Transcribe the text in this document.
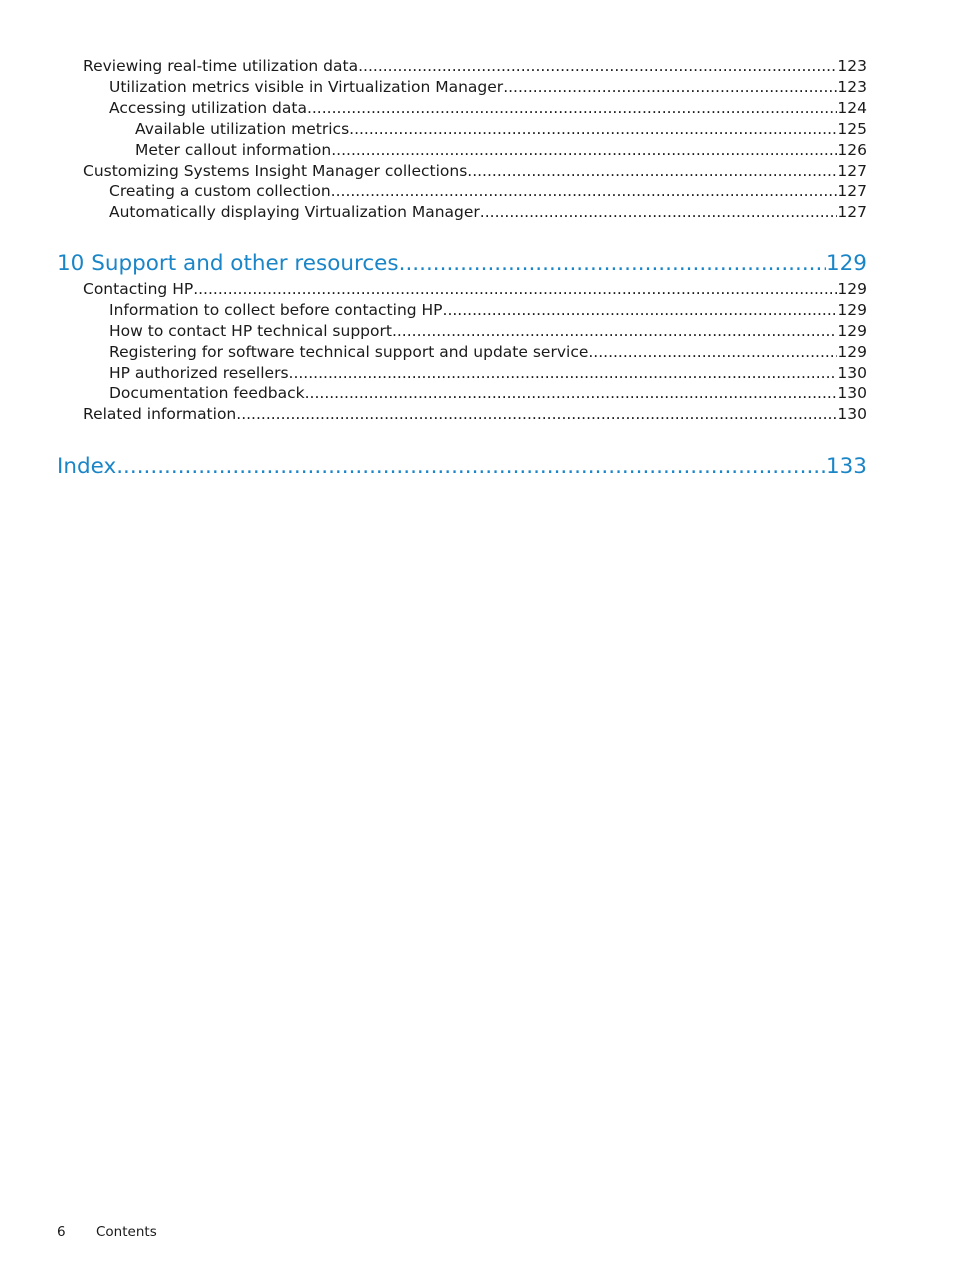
Reviewing real-time utilization data .....	123
Utilization metrics visible in Virtualization Manager .....	123
Accessing utilization data .....	124
Available utilization metrics .....	125
Meter callout information .....	126
Customizing Systems Insight Manager collections .....	127
Creating a custom collection .....	127
Automatically displaying Virtualization Manager .....	127
10 Support and other resources .....	129
Contacting HP .....	129
Information to collect before contacting HP .....	129
How to contact HP technical support .....	129
Registering for software technical support and update service .....	129
HP authorized resellers .....	130
Documentation feedback .....	130
Related information .....	130
Index .....	133
6 Contents
